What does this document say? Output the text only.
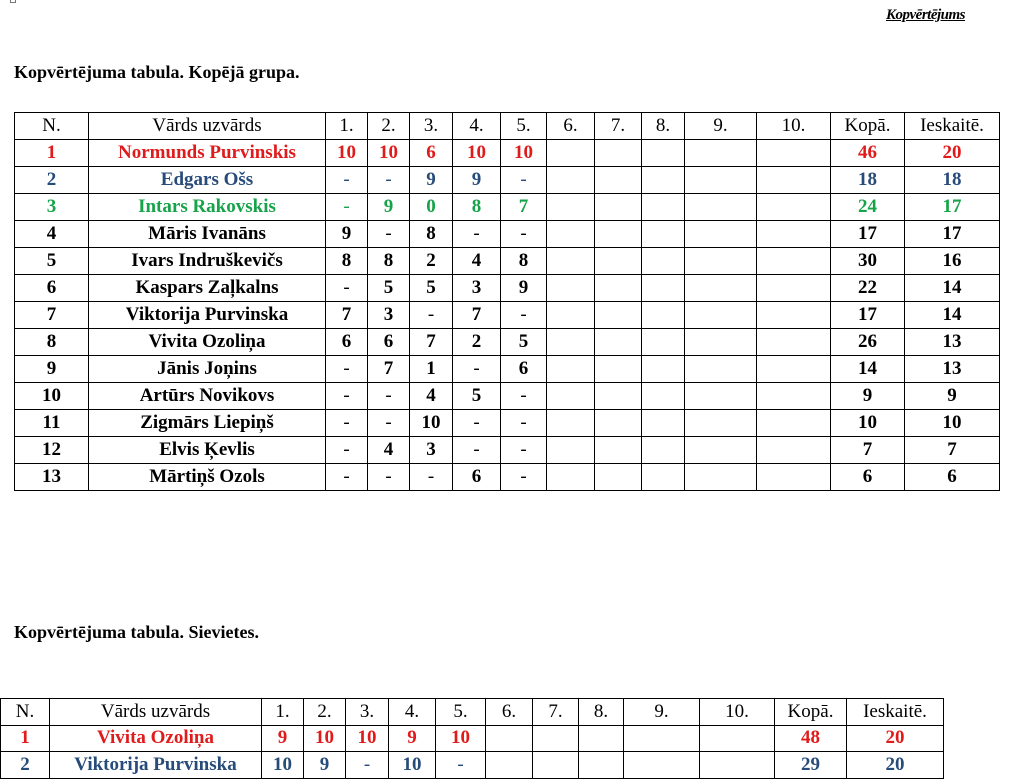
Kopvērtējums
Kopvērtējuma tabula. Kopējā grupa.
N.	Vārds uzvārds	1.	2.	3.	4.	5.	6.	7.	8.	9.	10.	Kopā.	Ieskaitē.
1	Normunds Purvinskis	10	10	6	10	10						46	20
2	Edgars Ošs	-	-	9	9	-						18	18
3	Intars Rakovskis	-	9	0	8	7						24	17
4	Māris Ivanāns	9	-	8	-	-						17	17
5	Ivars Indruškevičs	8	8	2	4	8						30	16
6	Kaspars Zaļkalns	-	5	5	3	9						22	14
7	Viktorija Purvinska	7	3	-	7	-						17	14
8	Vivita Ozoliņa	6	6	7	2	5						26	13
9	Jānis Joņins	-	7	1	-	6						14	13
10	Artūrs Novikovs	-	-	4	5	-						9	9
11	Zigmārs Liepiņš	-	-	10	-	-						10	10
12	Elvis Ķevlis	-	4	3	-	-						7	7
13	Mārtiņš Ozols	-	-	-	6	-						6	6
Kopvērtējuma tabula. Sievietes.
N.	Vārds uzvārds	1.	2.	3.	4.	5.	6.	7.	8.	9.	10.	Kopā.	Ieskaitē.
1	Vivita Ozoliņa	9	10	10	9	10						48	20
2	Viktorija Purvinska	10	9	-	10	-						29	20
